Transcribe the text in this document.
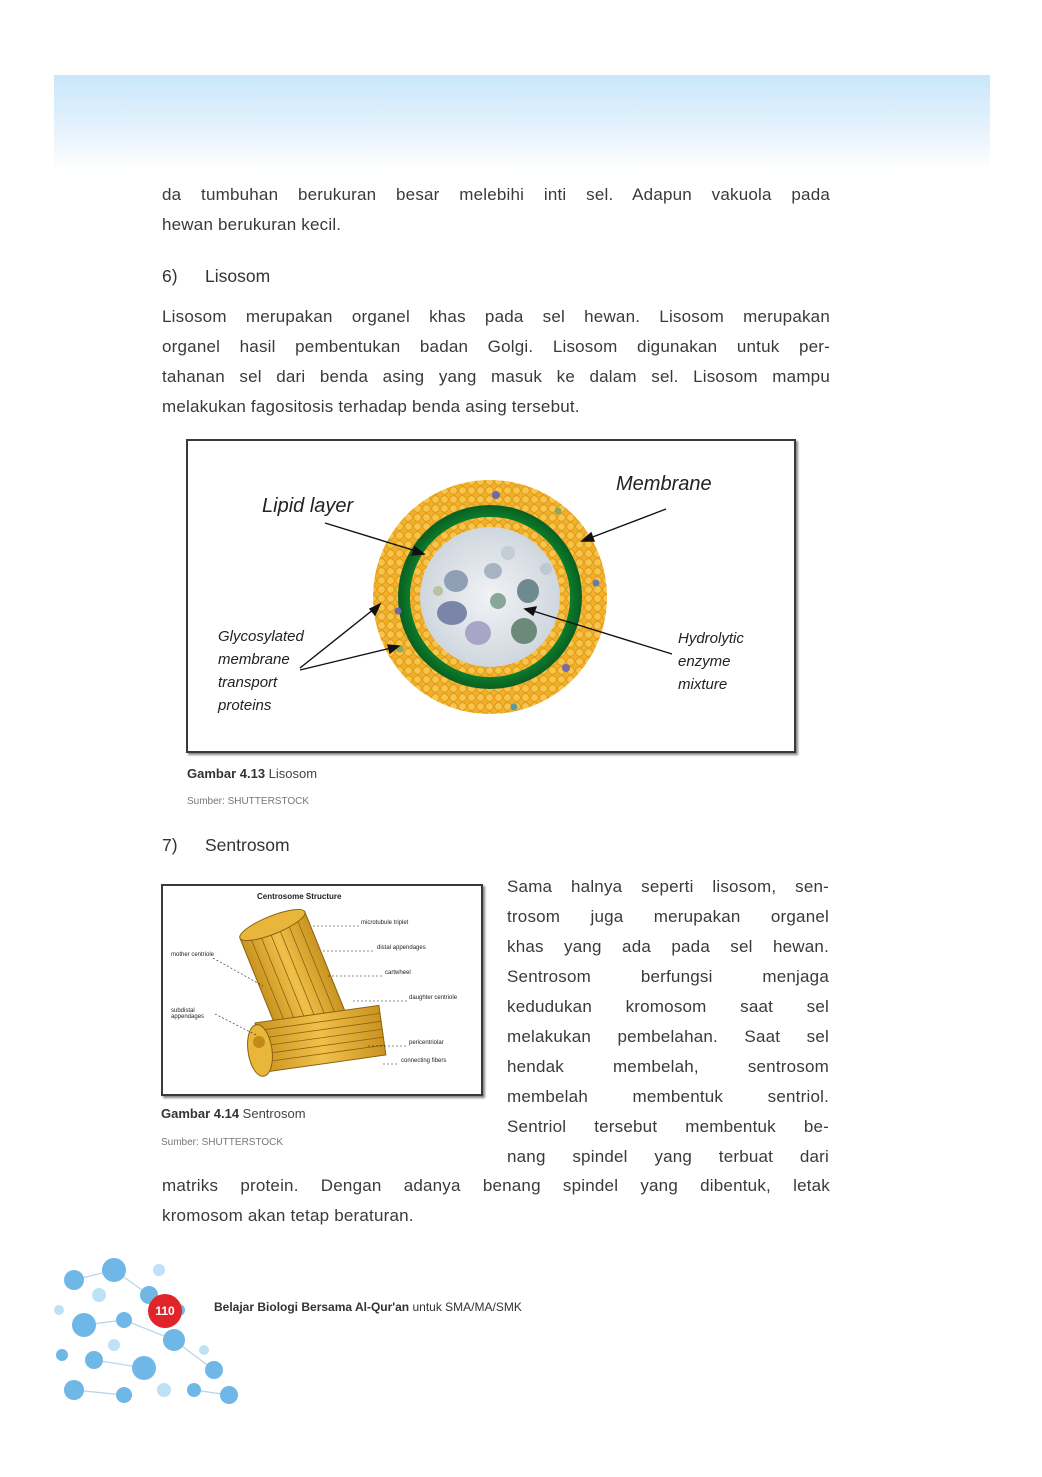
da tumbuhan berukuran besar melebihi inti sel. Adapun vakuola pada
hewan berukuran kecil.
6) Lisosom
Lisosom merupakan organel khas pada sel hewan. Lisosom merupakan
organel hasil pembentukan badan Golgi. Lisosom digunakan untuk per-
tahanan sel dari benda asing yang masuk ke dalam sel. Lisosom mampu
melakukan fagositosis terhadap benda asing tersebut.
Lipid layer
Membrane
Glycosylated
membrane
transport
proteins
Hydrolytic
enzyme
mixture
Gambar 4.13 Lisosom
Sumber: SHUTTERSTOCK
7) Sentrosom
Centrosome Structure
microtubule triplet
distal appendages
cartwheel
daughter centriole
pericentriolar
connecting fibers
mother centriole
subdistal appendages
Gambar 4.14 Sentrosom
Sumber: SHUTTERSTOCK
Sama halnya seperti lisosom, sen-
trosom juga merupakan organel
khas yang ada pada sel hewan.
Sentrosom berfungsi menjaga
kedudukan kromosom saat sel
melakukan pembelahan. Saat sel
hendak membelah, sentrosom
membelah membentuk sentriol.
Sentriol tersebut membentuk be-
nang spindel yang terbuat dari
matriks protein. Dengan adanya benang spindel yang dibentuk, letak
kromosom akan tetap beraturan.
110	Belajar Biologi Bersama Al-Qur'an untuk SMA/MA/SMK
